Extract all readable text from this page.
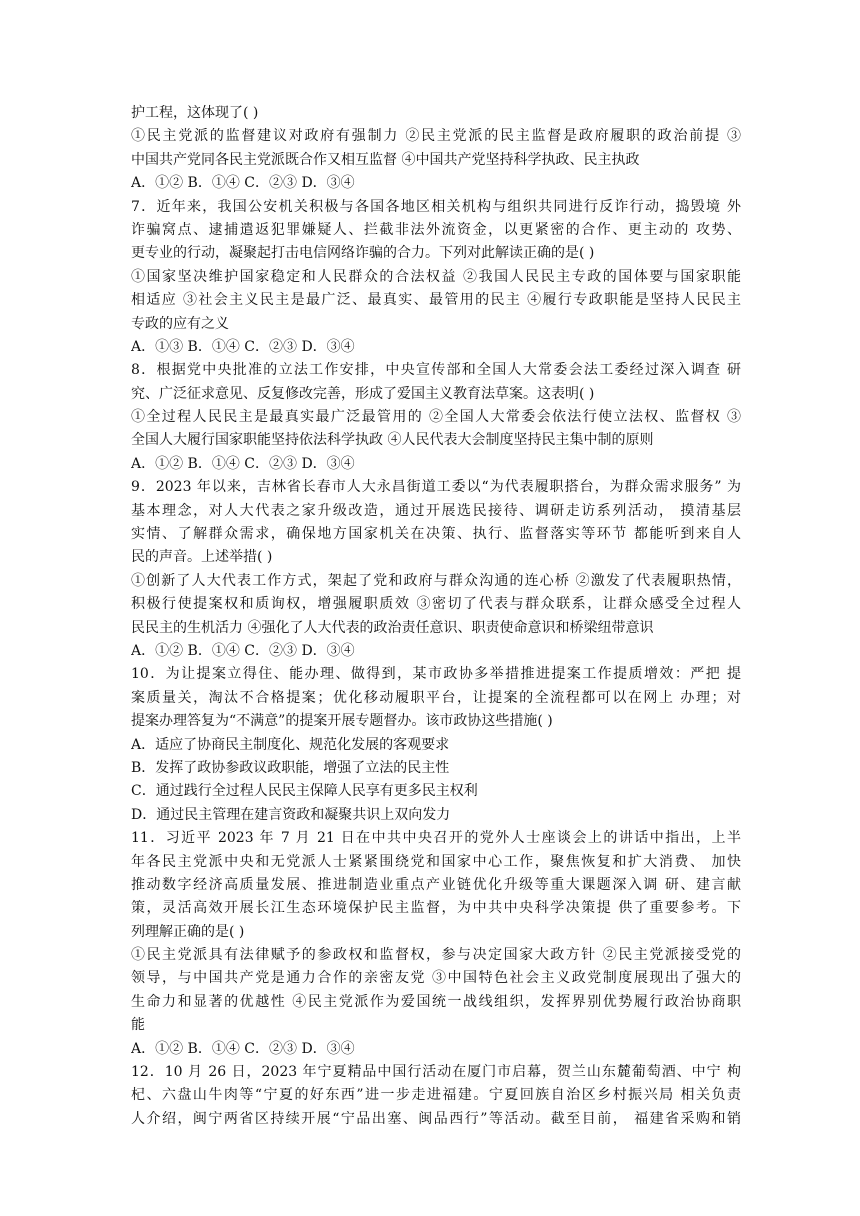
护工程，这体现了( )
①民主党派的监督建议对政府有强制力 ②民主党派的民主监督是政府履职的政治前提 ③
中国共产党同各民主党派既合作又相互监督 ④中国共产党坚持科学执政、民主执政
A．①② B．①④ C．②③ D．③④
7．近年来，我国公安机关积极与各国各地区相关机构与组织共同进行反诈行动，捣毁境 外
诈骗窝点、逮捕遣返犯罪嫌疑人、拦截非法外流资金，以更紧密的合作、更主动的 攻势、
更专业的行动，凝聚起打击电信网络诈骗的合力。下列对此解读正确的是( )
①国家坚决维护国家稳定和人民群众的合法权益 ②我国人民民主专政的国体要与国家职能
相适应 ③社会主义民主是最广泛、最真实、最管用的民主 ④履行专政职能是坚持人民民主
专政的应有之义
A．①③ B．①④ C．②③ D．③④
8．根据党中央批准的立法工作安排，中央宣传部和全国人大常委会法工委经过深入调查 研
究、广泛征求意见、反复修改完善，形成了爱国主义教育法草案。这表明( )
①全过程人民民主是最真实最广泛最管用的 ②全国人大常委会依法行使立法权、监督权 ③
全国人大履行国家职能坚持依法科学执政 ④人民代表大会制度坚持民主集中制的原则
A．①② B．①④ C．②③ D．③④
9．2023 年以来，吉林省长春市人大永昌街道工委以“为代表履职搭台，为群众需求服务” 为
基本理念，对人大代表之家升级改造，通过开展选民接待、调研走访系列活动， 摸清基层
实情、了解群众需求，确保地方国家机关在决策、执行、监督落实等环节 都能听到来自人
民的声音。上述举措( )
①创新了人大代表工作方式，架起了党和政府与群众沟通的连心桥 ②激发了代表履职热情，
积极行使提案权和质询权，增强履职质效 ③密切了代表与群众联系，让群众感受全过程人
民民主的生机活力 ④强化了人大代表的政治责任意识、职责使命意识和桥梁纽带意识
A．①② B．①④ C．②③ D．③④
10．为让提案立得住、能办理、做得到，某市政协多举措推进提案工作提质增效：严把 提
案质量关，淘汰不合格提案；优化移动履职平台，让提案的全流程都可以在网上 办理；对
提案办理答复为“不满意”的提案开展专题督办。该市政协这些措施( )
A．适应了协商民主制度化、规范化发展的客观要求
B．发挥了政协参政议政职能，增强了立法的民主性
C．通过践行全过程人民民主保障人民享有更多民主权利
D．通过民主管理在建言资政和凝聚共识上双向发力
11．习近平 2023 年 7 月 21 日在中共中央召开的党外人士座谈会上的讲话中指出，上半
年各民主党派中央和无党派人士紧紧围绕党和国家中心工作，聚焦恢复和扩大消费、 加快
推动数字经济高质量发展、推进制造业重点产业链优化升级等重大课题深入调 研、建言献
策，灵活高效开展长江生态环境保护民主监督，为中共中央科学决策提 供了重要参考。下
列理解正确的是( )
①民主党派具有法律赋予的参政权和监督权，参与决定国家大政方针 ②民主党派接受党的
领导，与中国共产党是通力合作的亲密友党 ③中国特色社会主义政党制度展现出了强大的
生命力和显著的优越性 ④民主党派作为爱国统一战线组织，发挥界别优势履行政治协商职
能
A．①② B．①④ C．②③ D．③④
12．10 月 26 日，2023 年宁夏精品中国行活动在厦门市启幕，贺兰山东麓葡萄酒、中宁 枸
杞、六盘山牛肉等“宁夏的好东西”进一步走进福建。宁夏回族自治区乡村振兴局 相关负责
人介绍，闽宁两省区持续开展“宁品出塞、闽品西行”等活动。截至目前， 福建省采购和销
